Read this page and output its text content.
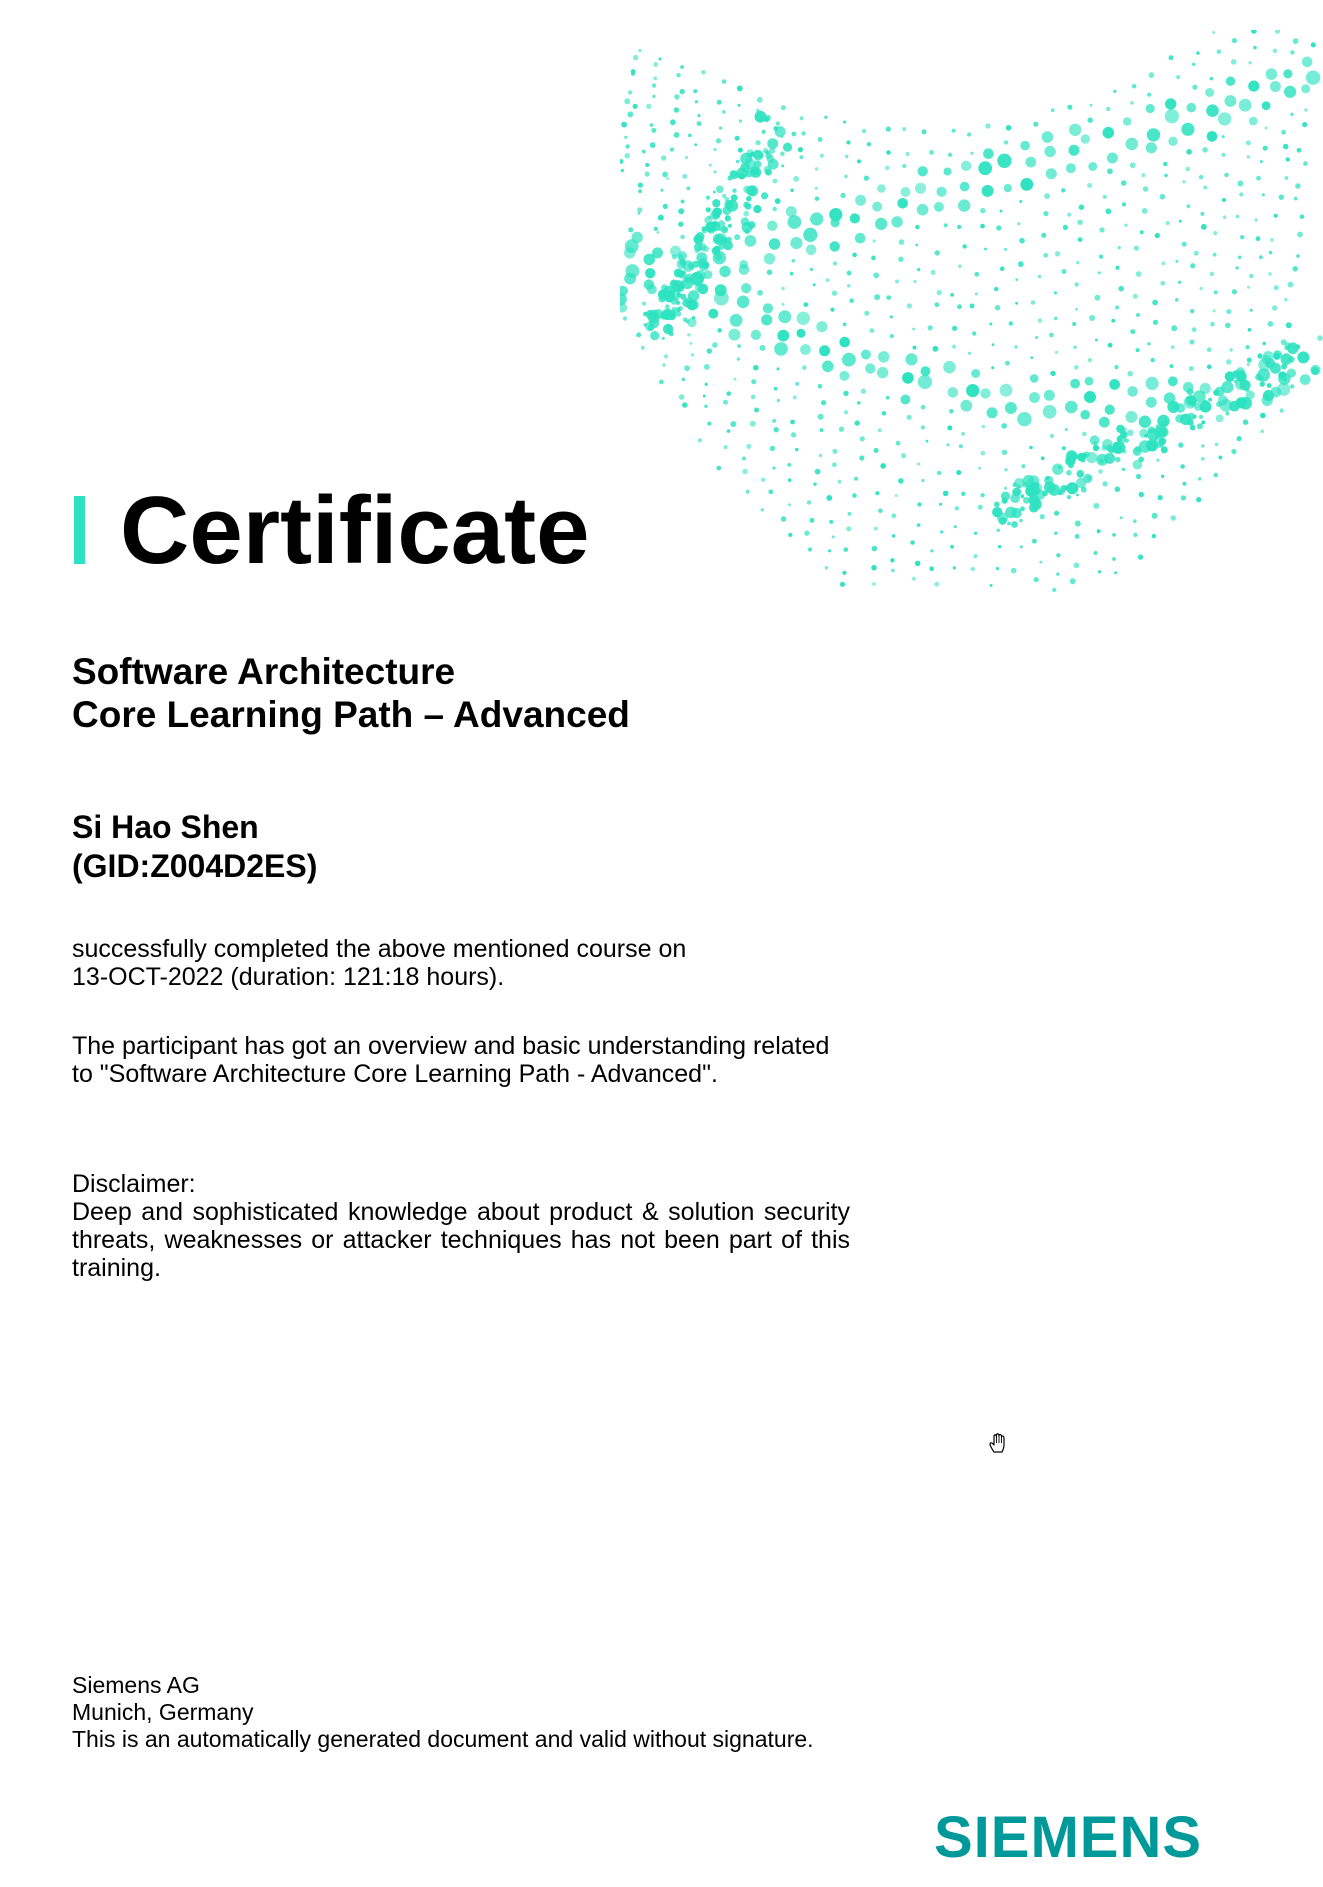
Certificate
Software Architecture
Core Learning Path – Advanced
Si Hao Shen
(GID:Z004D2ES)
successfully completed the above mentioned course on
13-OCT-2022 (duration: 121:18 hours).
The participant has got an overview and basic understanding related
to "Software Architecture Core Learning Path - Advanced".
Disclaimer:
Deep and sophisticated knowledge about product & solution security threats, weaknesses or attacker techniques has not been part of this training.
Siemens AG
Munich, Germany
This is an automatically generated document and valid without signature.
SIEMENS
